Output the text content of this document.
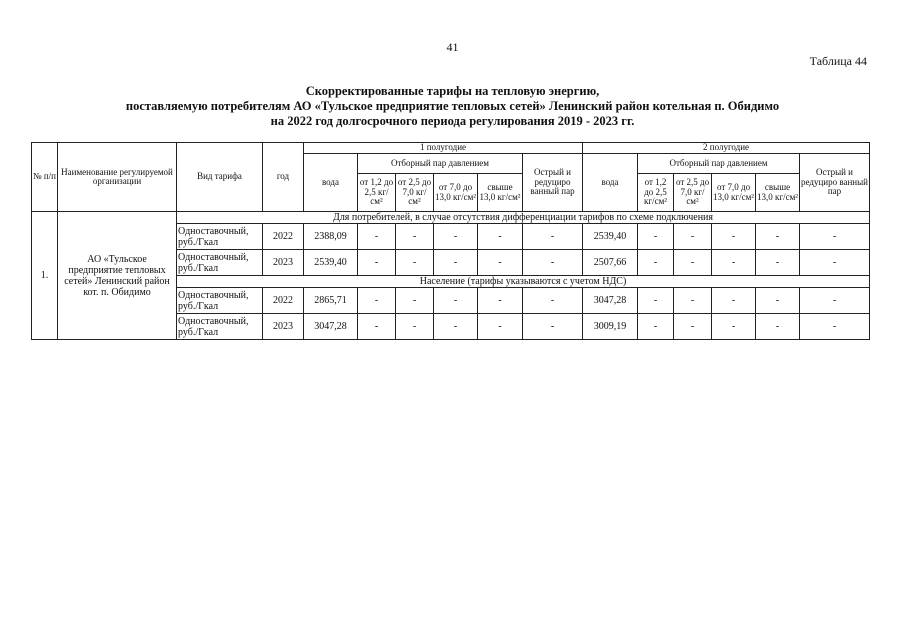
41
Таблица 44
Скорректированные тарифы на тепловую энергию,
поставляемую потребителям АО «Тульское предприятие тепловых сетей» Ленинский район котельная п. Обидимо
на 2022 год долгосрочного периода регулирования 2019 - 2023 гг.
№ п/п	Наименование регулируемой организации	Вид тарифа	год	1 полугодие						2 полугодие					
				вода	Отборный пар давлением				Острый и редуциро ванный пар	вода	Отборный пар давлением				Острый и редуциро ванный пар
					от 1,2 до 2,5 кг/см²	от 2,5 до 7,0 кг/см²	от 7,0 до 13,0 кг/см²	свыше 13,0 кг/см²			от 1,2 до 2,5 кг/см²	от 2,5 до 7,0 кг/см²	от 7,0 до 13,0 кг/см²	свыше 13,0 кг/см²	
1.	АО «Тульское предприятие тепловых сетей» Ленинский район кот. п. Обидимо	Для потребителей, в случае отсутствия дифференциации тарифов по схеме подключения													
		Одноставочный, руб./Гкал	2022	2388,09	-	-	-	-	-	2539,40	-	-	-	-	-
		Одноставочный, руб./Гкал	2023	2539,40	-	-	-	-	-	2507,66	-	-	-	-	-
		Население (тарифы указываются с учетом НДС)													
		Одноставочный, руб./Гкал	2022	2865,71	-	-	-	-	-	3047,28	-	-	-	-	-
		Одноставочный, руб./Гкал	2023	3047,28	-	-	-	-	-	3009,19	-	-	-	-	-
